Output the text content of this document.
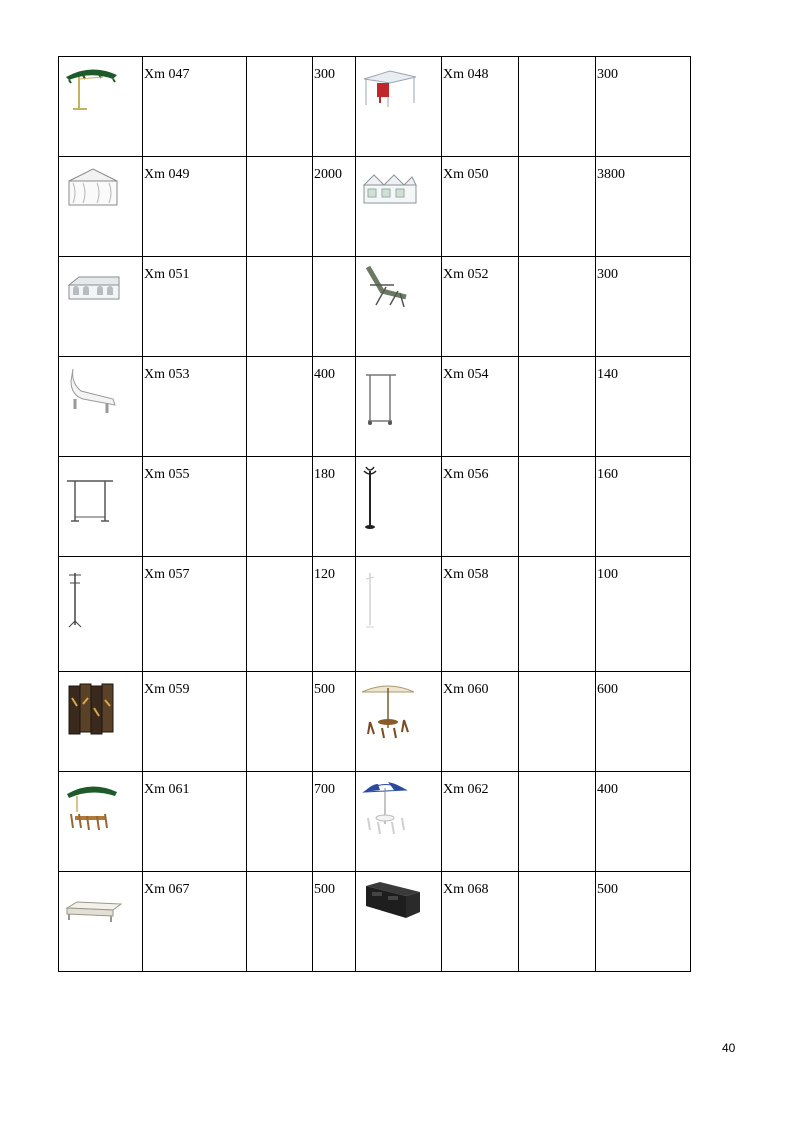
Xm 047		300		Xm 048		300

Xm 049		2000		Xm 050		3800

Xm 051				Xm 052		300

Xm 053		400		Xm 054		140

Xm 055		180		Xm 056		160

Xm 057		120		Xm 058		100

Xm 059		500		Xm 060		600

Xm 061		700		Xm 062		400

Xm 067		500		Xm 068		500
40
